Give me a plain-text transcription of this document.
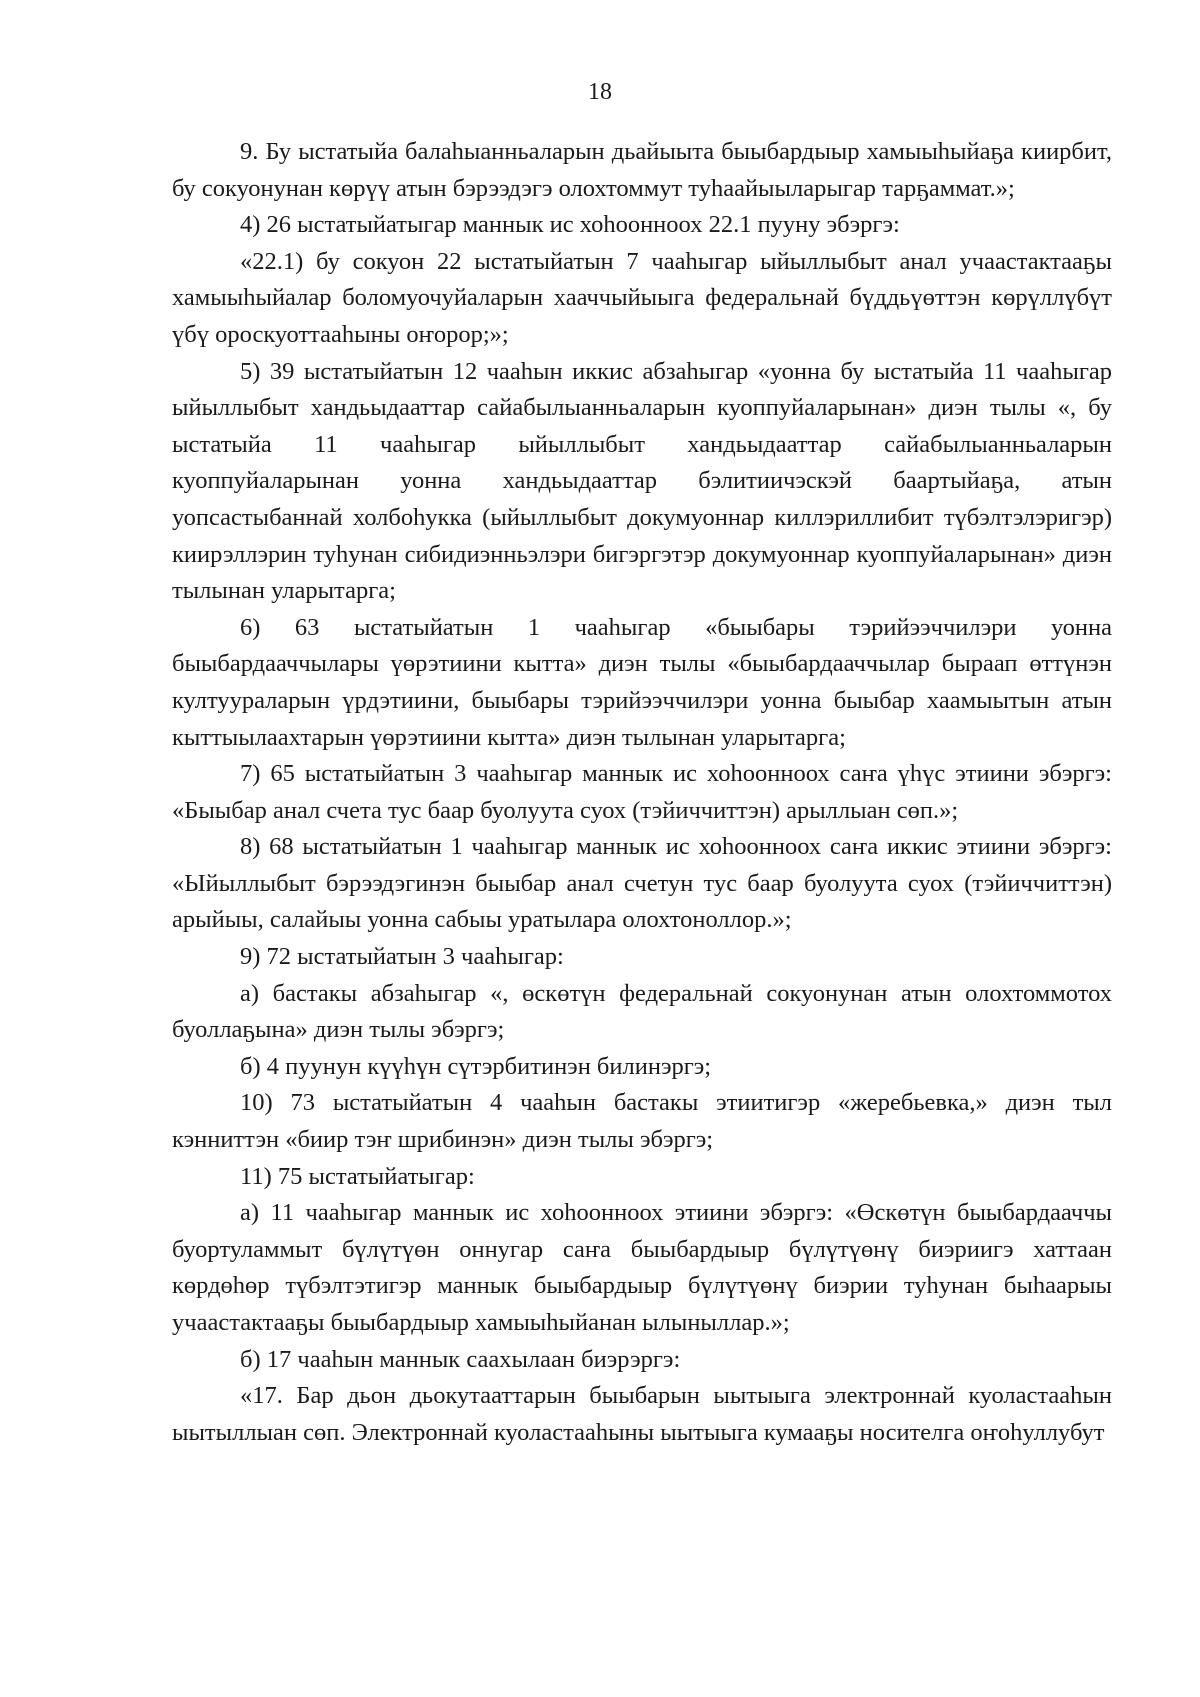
18

9. Бу ыстатыйа балаһыанньаларын дьайыыта быыбардыыр хамыыһыйаҕа киирбит, бу сокуонунан көрүү атын бэрээдэгэ олохтоммут туһаайыыларыгар тарҕаммат.»;

4) 26 ыстатыйатыгар маннык ис хоһоонноох 22.1 пууну эбэргэ:

«22.1) бу сокуон 22 ыстатыйатын 7 чааһыгар ыйыллыбыт анал учаастактааҕы хамыыһыйалар боломуочуйаларын хааччыйыыга федеральнай бүддьүөттэн көрүллүбүт үбү ороскуоттааһыны оҥорор;»;

5) 39 ыстатыйатын 12 чааһын иккис абзаһыгар «уонна бу ыстатыйа 11 чааһыгар ыйыллыбыт хандьыдааттар сайабылыанньаларын куоппуйаларынан» диэн тылы «, бу ыстатыйа 11 чааһыгар ыйыллыбыт хандьыдааттар сайабылыанньаларын куоппуйаларынан уонна хандьыдааттар бэлитиичэскэй баартыйаҕа, атын уопсастыбаннай холбоһукка (ыйыллыбыт докумуоннар киллэриллибит түбэлтэлэригэр) киирэллэрин туһунан сибидиэнньэлэри бигэргэтэр докумуоннар куоппуйаларынан» диэн тылынан уларытарга;

6) 63 ыстатыйатын 1 чааһыгар «быыбары тэрийээччилэри уонна быыбардааччылары үөрэтиини кытта» диэн тылы «быыбардааччылар быраап өттүнэн култуураларын үрдэтиини, быыбары тэрийээччилэри уонна быыбар хаамыытын атын кыттыылаахтарын үөрэтиини кытта» диэн тылынан уларытарга;

7) 65 ыстатыйатын 3 чааһыгар маннык ис хоһоонноох саҥа үһүс этиини эбэргэ: «Быыбар анал счета тус баар буолуута суох (тэйиччиттэн) арыллыан сөп.»;

8) 68 ыстатыйатын 1 чааһыгар маннык ис хоһоонноох саҥа иккис этиини эбэргэ: «Ыйыллыбыт бэрээдэгинэн быыбар анал счетун тус баар буолуута суох (тэйиччиттэн) арыйыы, салайыы уонна сабыы уратылара олохтоноллор.»;

9) 72 ыстатыйатын 3 чааһыгар:

а) бастакы абзаһыгар «, өскөтүн федеральнай сокуонунан атын олохтоммотох буоллаҕына» диэн тылы эбэргэ;

б) 4 пуунун күүһүн сүтэрбитинэн билинэргэ;

10) 73 ыстатыйатын 4 чааһын бастакы этиитигэр «жеребьевка,» диэн тыл кэнниттэн «биир тэҥ шрибинэн» диэн тылы эбэргэ;

11) 75 ыстатыйатыгар:

а) 11 чааһыгар маннык ис хоһоонноох этиини эбэргэ: «Өскөтүн быыбардааччы буортуламмыт бүлүтүөн оннугар саҥа быыбардыыр бүлүтүөнү биэриигэ хаттаан көрдөһөр түбэлтэтигэр маннык быыбардыыр бүлүтүөнү биэрии туһунан быһаарыы учаастактааҕы быыбардыыр хамыыһыйанан ылыныллар.»;

б) 17 чааһын маннык саахылаан биэрэргэ:

«17. Бар дьон дьокутааттарын быыбарын ыытыыга электроннай куоластааһын ыытыллыан сөп. Электроннай куоластааһыны ыытыыга кумааҕы носителга оҥоһуллубут
